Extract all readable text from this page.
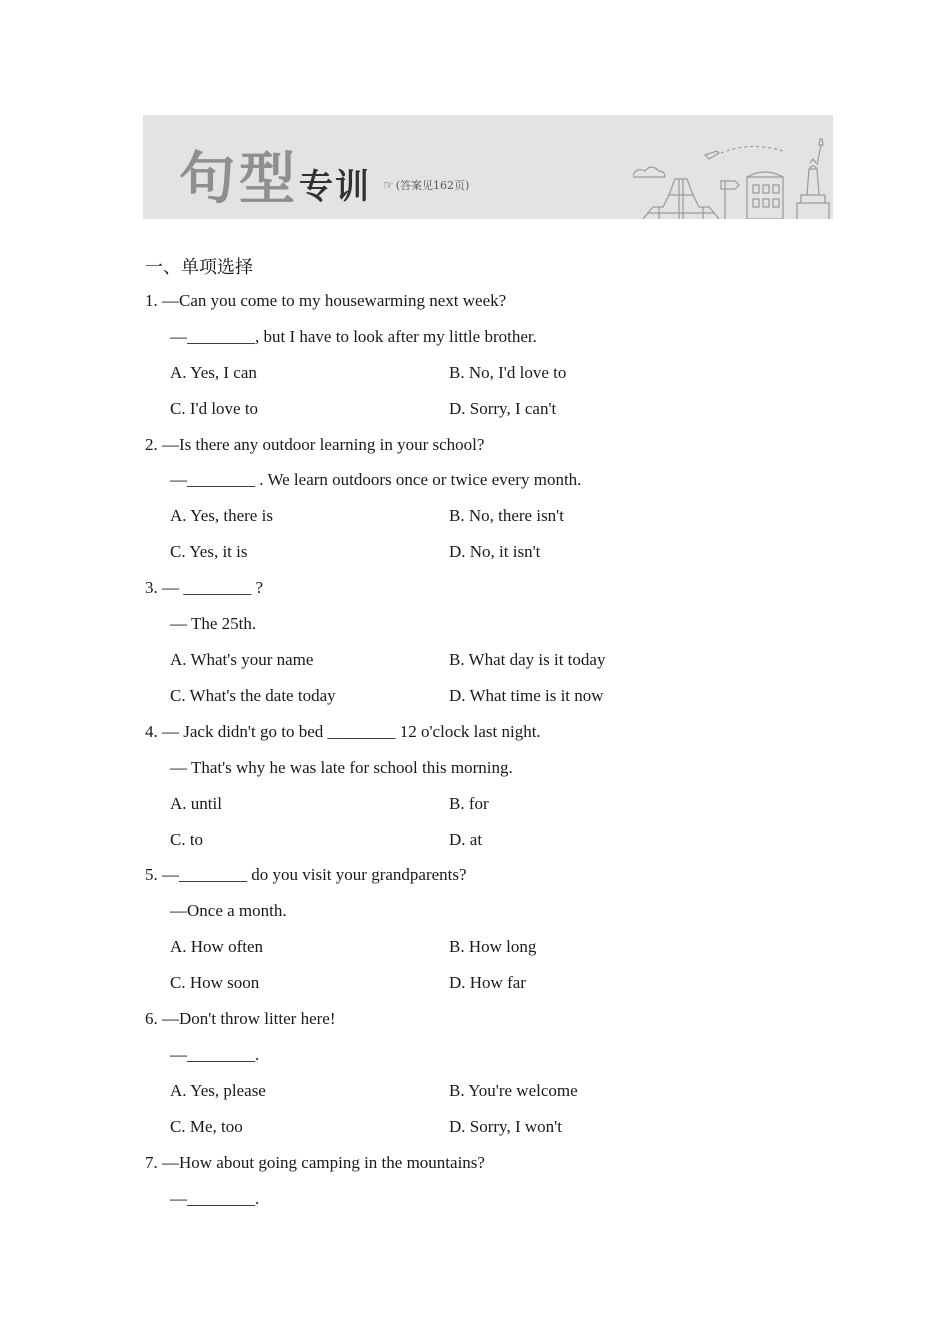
句型专训 ☞ (答案见162页)
一、单项选择
1. —Can you come to my housewarming next week?
—________, but I have to look after my little brother.
A. Yes, I can	B. No, I'd love to
C. I'd love to	D. Sorry, I can't
2. —Is there any outdoor learning in your school?
—________ . We learn outdoors once or twice every month.
A. Yes, there is	B. No, there isn't
C. Yes, it is	D. No, it isn't
3. — ________ ?
— The 25th.
A. What's your name	B. What day is it today
C. What's the date today	D. What time is it now
4. — Jack didn't go to bed ________ 12 o'clock last night.
— That's why he was late for school this morning.
A. until	B. for
C. to	D. at
5. —________ do you visit your grandparents?
—Once a month.
A. How often	B. How long
C. How soon	D. How far
6. —Don't throw litter here!
—________.
A. Yes, please	B. You're welcome
C. Me, too	D. Sorry, I won't
7. —How about going camping in the mountains?
—________.
